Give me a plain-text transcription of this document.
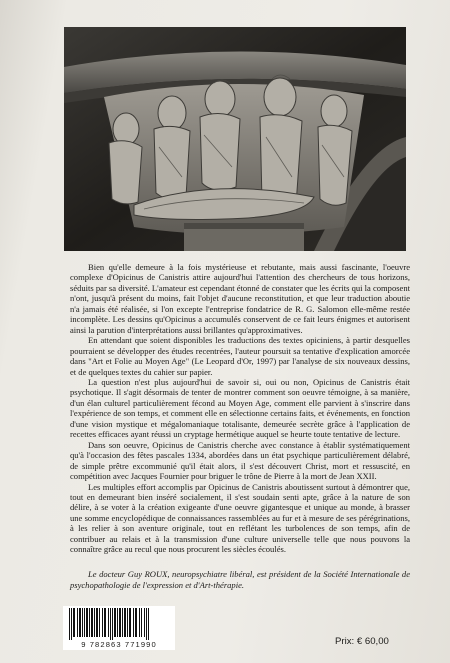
Bien qu'elle demeure à la fois mystérieuse et rebutante, mais aussi fascinante, l'oeuvre complexe d'Opicinus de Canistris attire aujourd'hui l'attention des chercheurs de tous horizons, séduits par sa diversité. L'amateur est cependant étonné de constater que les écrits qui la composent n'ont, jusqu'à présent du moins, fait l'objet d'aucune reconstitution, et que leur traduction aboutie n'a jamais été réalisée, si l'on excepte l'entreprise fondatrice de R. G. Salomon elle-même restée incomplète. Les dessins qu'Opicinus a accumulés conservent de ce fait leurs énigmes et autorisent ainsi la parution d'interprétations aussi brillantes qu'approximatives.

En attendant que soient disponibles les traductions des textes opiciniens, à partir desquelles pourraient se développer des études recentrées, l'auteur poursuit sa tentative d'explication amorcée dans "Art et Folie au Moyen Age" (Le Leopard d'Or, 1997) par l'analyse de six nouveaux dessins, et de quelques textes du cahier sur papier.

La question n'est plus aujourd'hui de savoir si, oui ou non, Opicinus de Canistris était psychotique. Il s'agit désormais de tenter de montrer comment son oeuvre témoigne, à sa manière, d'un élan culturel particulièrement fécond au Moyen Age, comment elle parvient à s'inscrire dans l'expérience de son temps, et comment elle en sélectionne certains faits, et événements, en fonction d'une vision mystique et mégalomaniaque totalisante, demeurée secrète grâce à l'application de recettes efficaces ayant réussi un cryptage hermétique auquel se heurte toute tentative de lecture.

Dans son oeuvre, Opicinus de Canistris cherche avec constance à établir systématiquement qu'à l'occasion des fêtes pascales 1334, abordées dans un état psychique particulièrement délabré, de simple prêtre excommunié qu'il était alors, il s'est découvert Christ, mort et ressuscité, en compétition avec Jacques Fournier pour briguer le trône de Pierre à la mort de Jean XXII.

Les multiples effort accomplis par Opicinus de Canistris aboutissent surtout à démontrer que, tout en demeurant bien inséré socialement, il s'est soudain senti apte, grâce à la nature de son délire, à se voter à la création exigeante d'une oeuvre gigantesque et unique au monde, à brasser une somme encyclopédique de connaissances rassemblées au fur et à mesure de ses pérégrinations, à les relier à son aventure originale, tout en reflétant les turbolences de son temps, afin de contribuer au relais et à la transmission d'une culture universelle telle que nous pouvons la connaître grâce au recul que nous procurent les siècles écoulés.

Le docteur Guy ROUX, neuropsychiatre libéral, est président de la Société Internationale de psychopathologie de l'expression et d'Art-thérapie.

9 782863 771990	Prix: € 60,00
